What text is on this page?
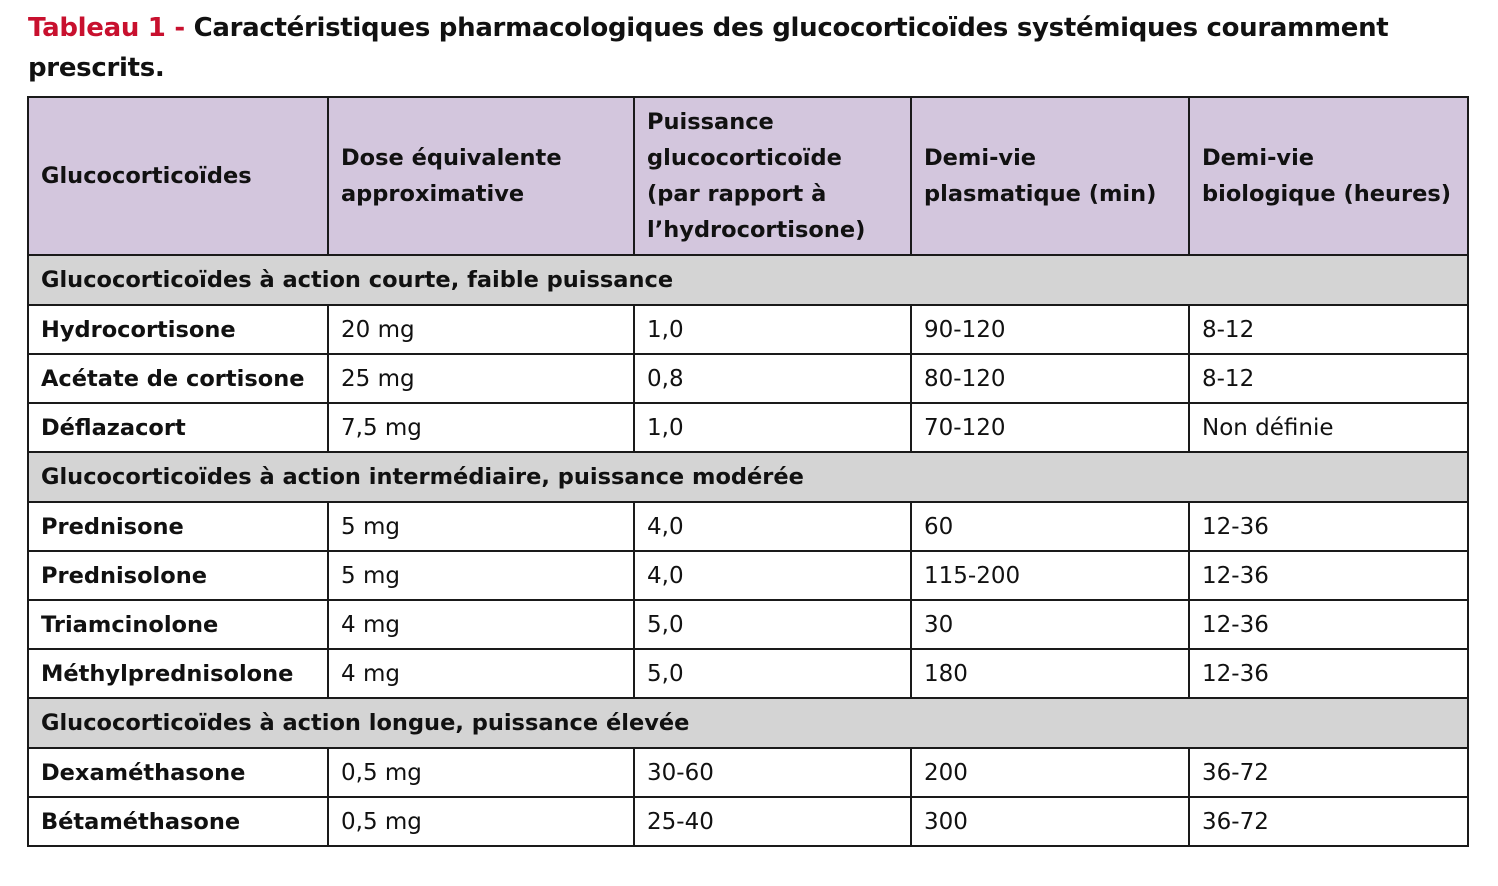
Tableau 1 - Caractéristiques pharmacologiques des glucocorticoïdes systémiques couramment prescrits.
Glucocorticoïdes	Dose équivalente approximative	Puissance glucocorticoïde (par rapport à l’hydrocortisone)	Demi-vie plasmatique (min)	Demi-vie biologique (heures)
Glucocorticoïdes à action courte, faible puissance				
Hydrocortisone	20 mg	1,0	90-120	8-12
Acétate de cortisone	25 mg	0,8	80-120	8-12
Déflazacort	7,5 mg	1,0	70-120	Non définie
Glucocorticoïdes à action intermédiaire, puissance modérée				
Prednisone	5 mg	4,0	60	12-36
Prednisolone	5 mg	4,0	115-200	12-36
Triamcinolone	4 mg	5,0	30	12-36
Méthylprednisolone	4 mg	5,0	180	12-36
Glucocorticoïdes à action longue, puissance élevée				
Dexaméthasone	0,5 mg	30-60	200	36-72
Bétaméthasone	0,5 mg	25-40	300	36-72
